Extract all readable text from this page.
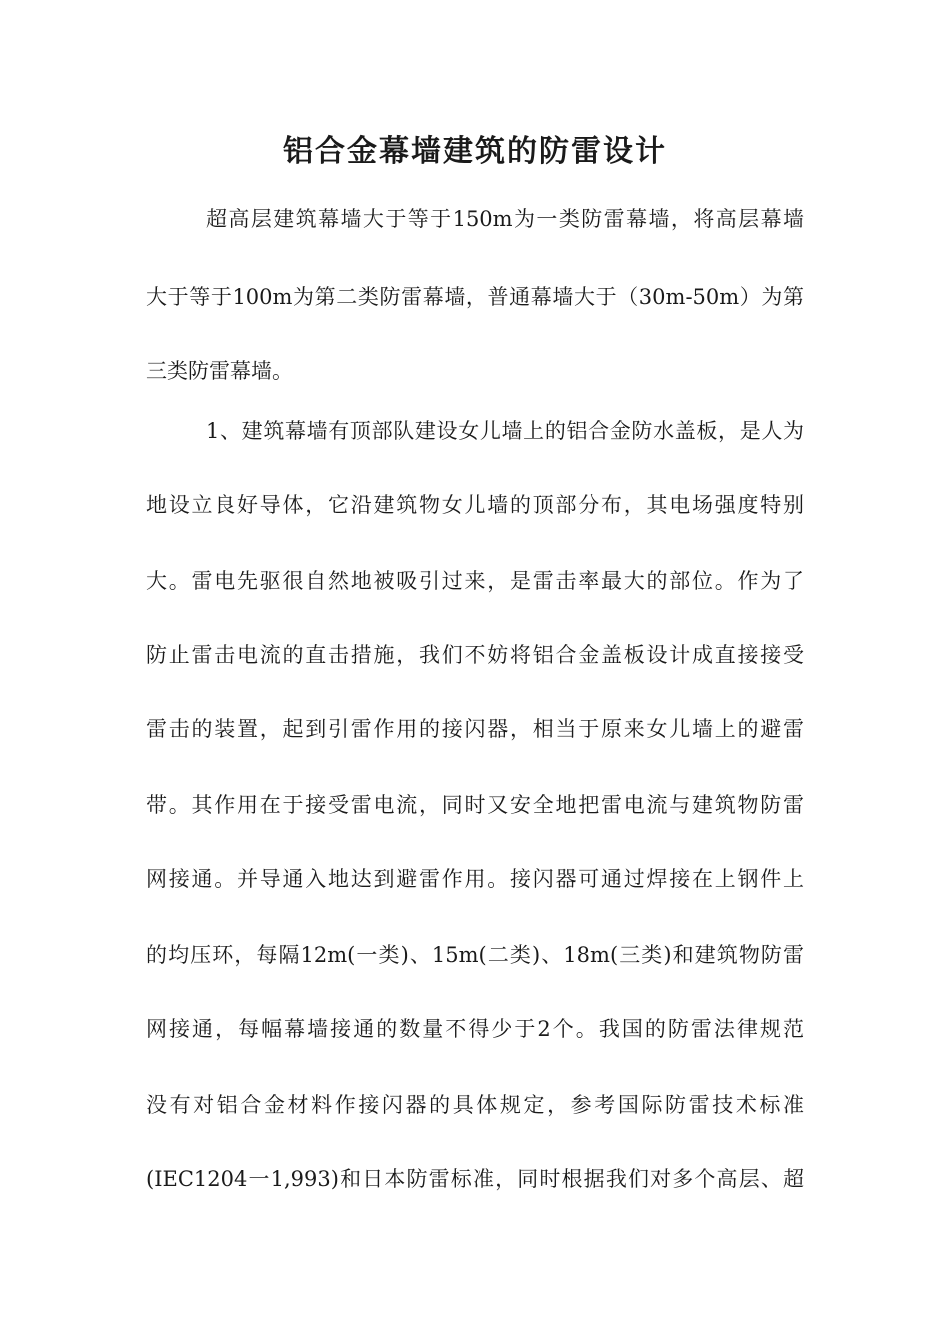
铝合金幕墙建筑的防雷设计

超高层建筑幕墙大于等于150m为一类防雷幕墙，将高层幕墙

大于等于100m为第二类防雷幕墙，普通幕墙大于（30m-50m）为第

三类防雷幕墙。

1、建筑幕墙有顶部队建设女儿墙上的铝合金防水盖板，是人为

地设立良好导体，它沿建筑物女儿墙的顶部分布，其电场强度特别

大。雷电先驱很自然地被吸引过来，是雷击率最大的部位。作为了

防止雷击电流的直击措施，我们不妨将铝合金盖板设计成直接接受

雷击的装置，起到引雷作用的接闪器，相当于原来女儿墙上的避雷

带。其作用在于接受雷电流，同时又安全地把雷电流与建筑物防雷

网接通。并导通入地达到避雷作用。接闪器可通过焊接在上钢件上

的均压环，每隔12m(一类)、15m(二类)、18m(三类)和建筑物防雷

网接通，每幅幕墙接通的数量不得少于2个。我国的防雷法律规范

没有对铝合金材料作接闪器的具体规定，参考国际防雷技术标准

(IEC1204一1,993)和日本防雷标准，同时根据我们对多个高层、超
